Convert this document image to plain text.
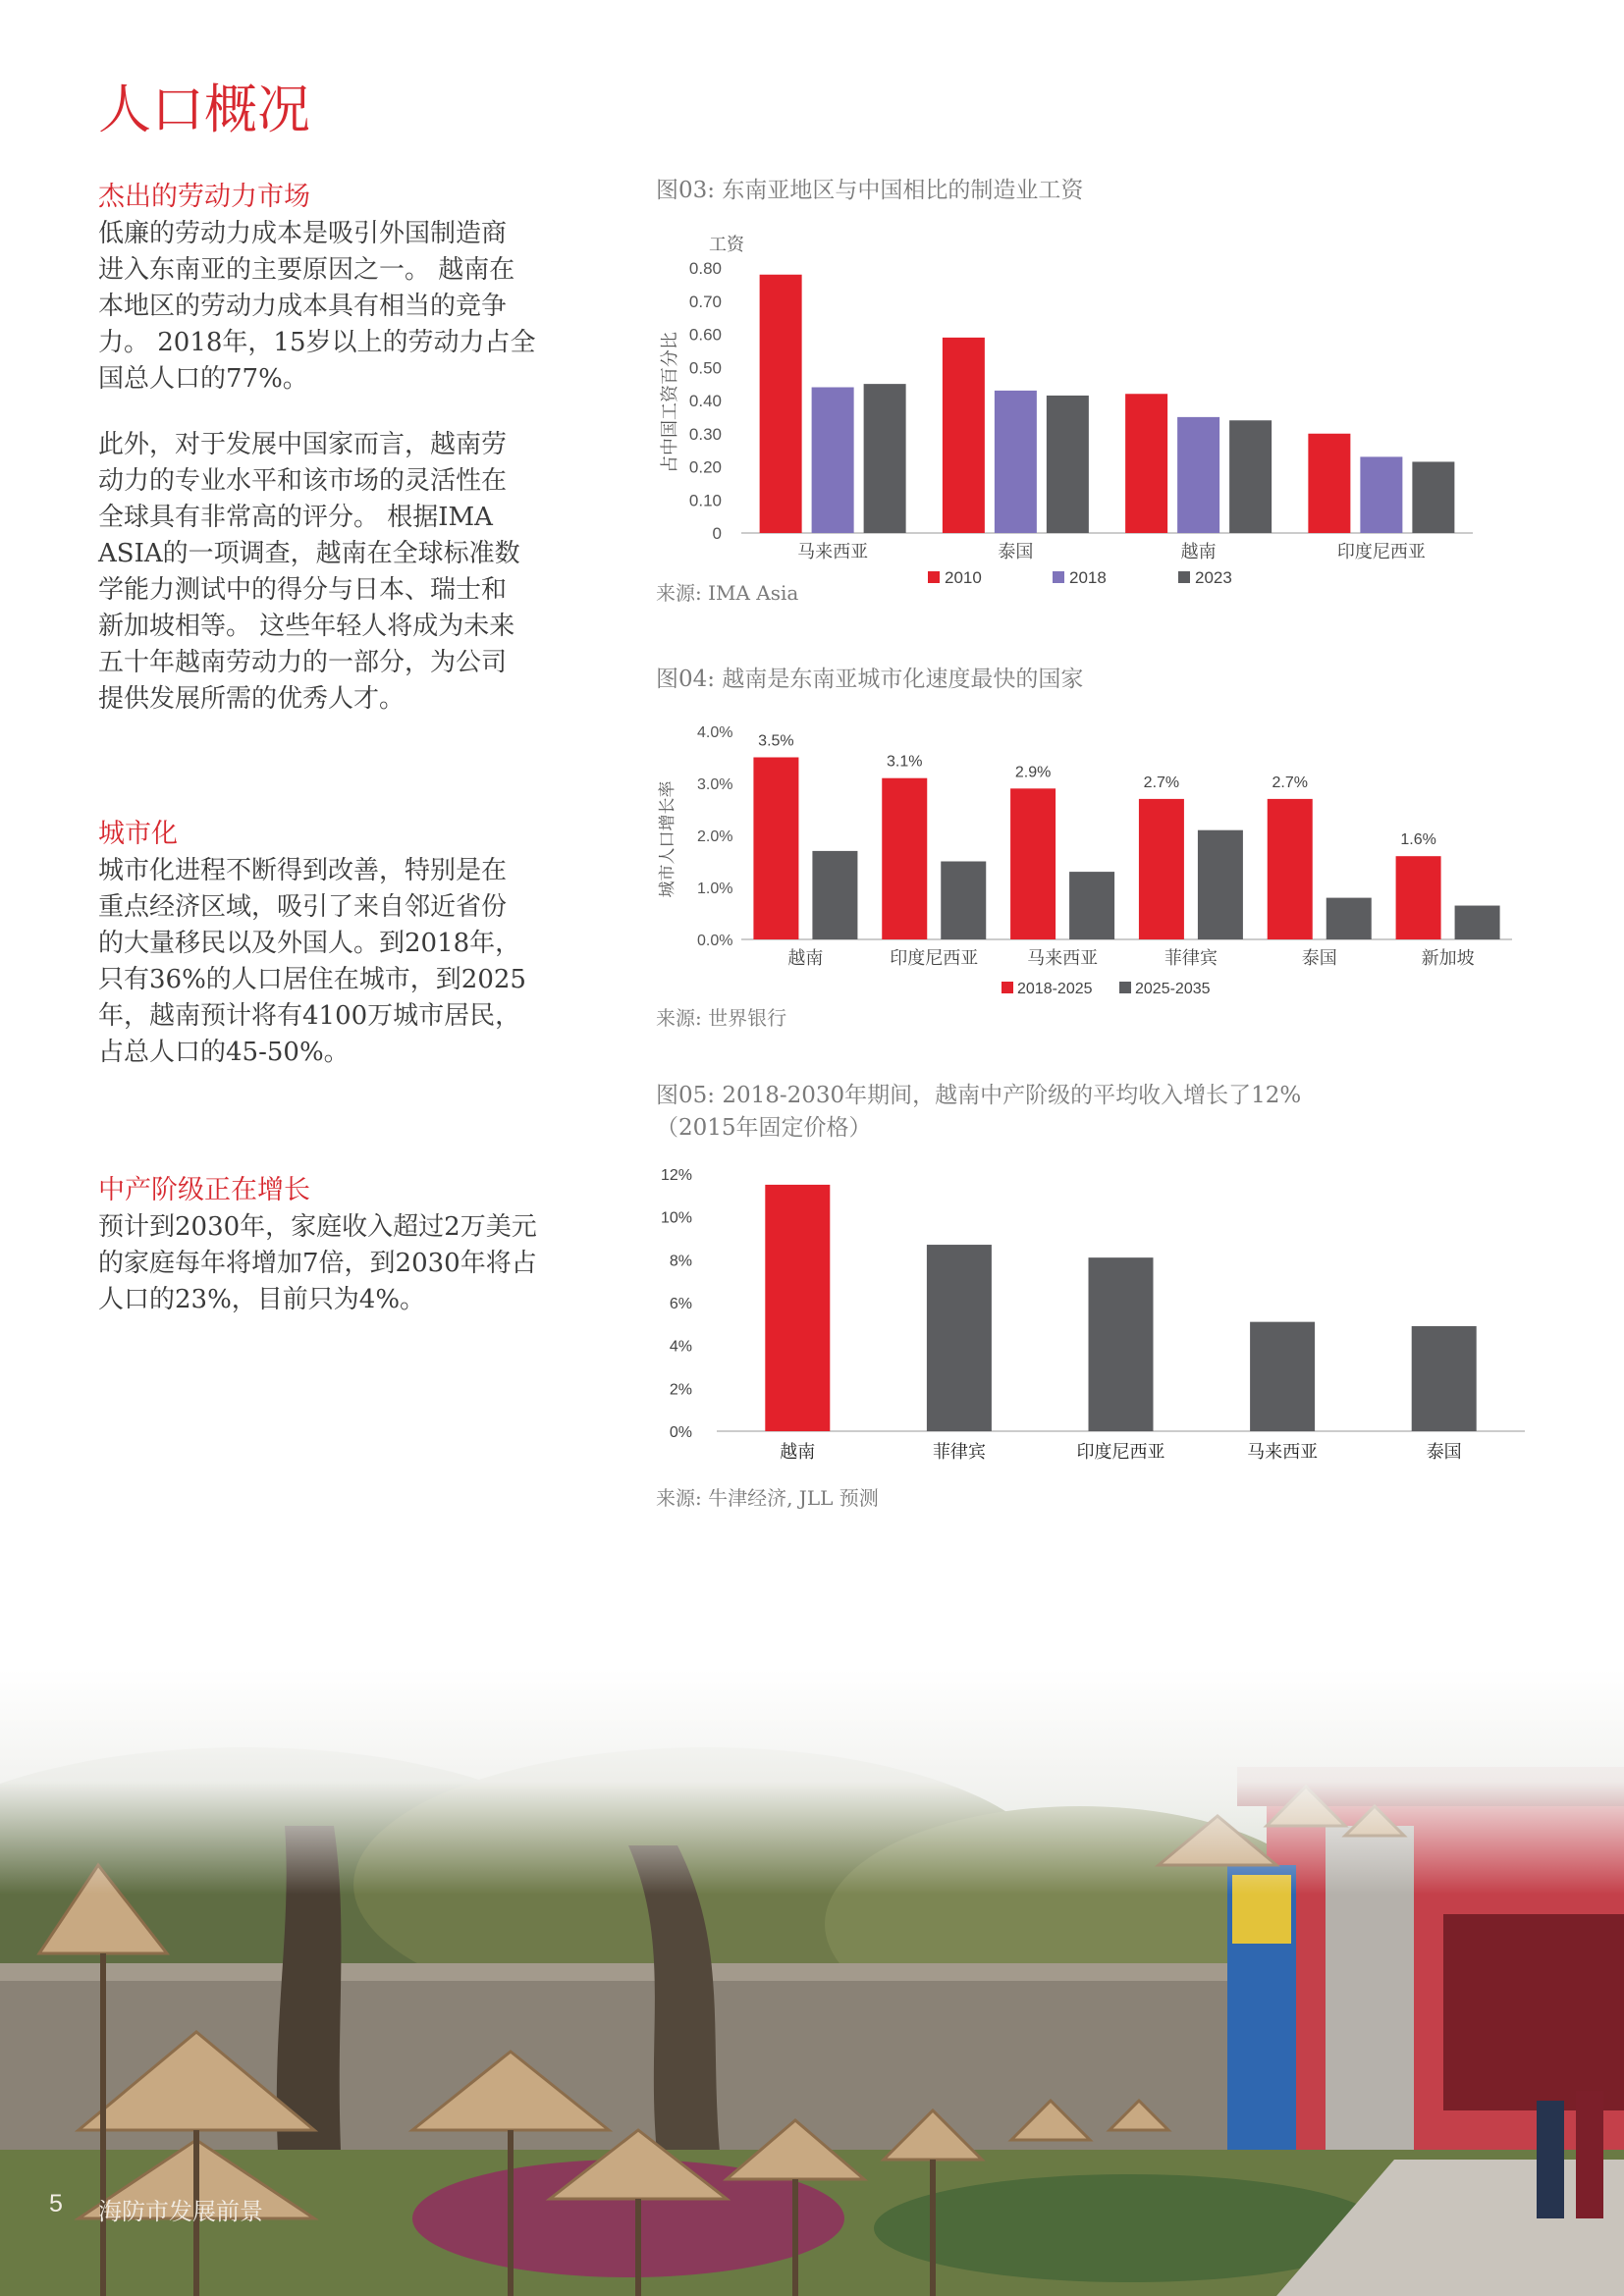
人口概况
杰出的劳动力市场
低廉的劳动力成本是吸引外国制造商
进入东南亚的主要原因之一。 越南在
本地区的劳动力成本具有相当的竞争
力。 2018年，15岁以上的劳动力占全
国总人口的77%。
此外，对于发展中国家而言，越南劳
动力的专业水平和该市场的灵活性在
全球具有非常高的评分。 根据IMA
ASIA的一项调查，越南在全球标准数
学能力测试中的得分与日本、瑞士和
新加坡相等。 这些年轻人将成为未来
五十年越南劳动力的一部分，为公司
提供发展所需的优秀人才。
城市化
城市化进程不断得到改善，特别是在
重点经济区域，吸引了来自邻近省份
的大量移民以及外国人。到2018年，
只有36%的人口居住在城市，到2025
年，越南预计将有4100万城市居民，
占总人口的45-50%。
中产阶级正在增长
预计到2030年，家庭收入超过2万美元
的家庭每年将增加7倍，到2030年将占
人口的23%，目前只为4%。
图03: 东南亚地区与中国相比的制造业工资
来源: IMA Asia
图04: 越南是东南亚城市化速度最快的国家
来源: 世界银行
图05: 2018-2030年期间，越南中产阶级的平均收入增长了12%
（2015年固定价格）
来源: 牛津经济, JLL 预测
工资
占中国工资百分比
0.80
0.70
0.60
0.50
0.40
0.30
0.20
0.10
0
马来西亚	泰国	越南	印度尼西亚
2010	2018	2023
城市人口增长率
4.0%
3.0%
2.0%
1.0%
0.0%
3.5%
越南
3.1%
印度尼西亚
2.9%
马来西亚
2.7%
菲律宾
2.7%
泰国
1.6%
新加坡
2018-2025	2025-2035
12%
10%
8%
6%
4%
2%
0%
越南	菲律宾	印度尼西亚	马来西亚	泰国
5 海防市发展前景
